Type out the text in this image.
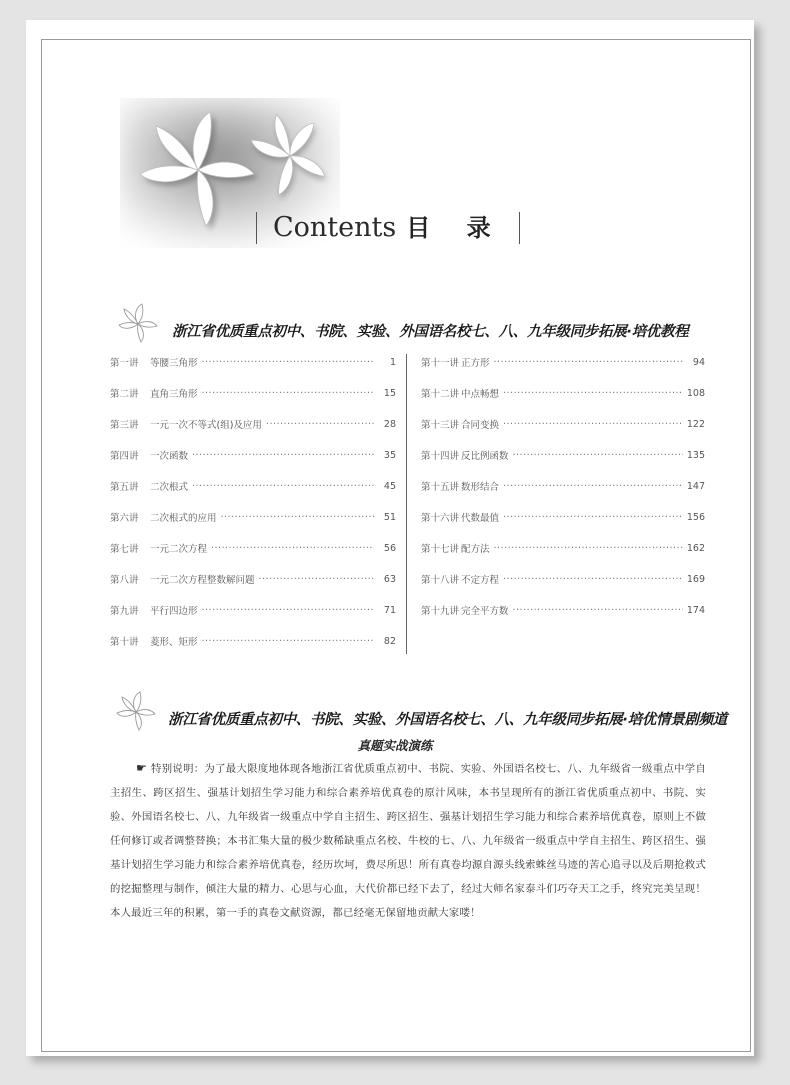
Contents 目 录
浙江省优质重点初中、书院、实验、外国语名校七、八、九年级同步拓展·培优教程
第一讲	等腰三角形 ·····	1
第二讲	直角三角形 ·····	15
第三讲	一元一次不等式(组)及应用 ·····	28
第四讲	一次函数 ·····	35
第五讲	二次根式 ·····	45
第六讲	二次根式的应用 ·····	51
第七讲	一元二次方程 ·····	56
第八讲	一元二次方程整数解问题 ·····	63
第九讲	平行四边形 ·····	71
第十讲	菱形、矩形 ·····	82
第十一讲 正方形 ·····	94
第十二讲 中点畅想 ·····	108
第十三讲 合同变换 ·····	122
第十四讲 反比例函数 ·····	135
第十五讲 数形结合 ·····	147
第十六讲 代数最值 ·····	156
第十七讲 配方法 ·····	162
第十八讲 不定方程 ·····	169
第十九讲 完全平方数 ·····	174
浙江省优质重点初中、书院、实验、外国语名校七、八、九年级同步拓展·培优情景剧频道
真题实战演练
☛ 特别说明：为了最大限度地体现各地浙江省优质重点初中、书院、实验、外国语名校七、八、九年级省一级重点中学自主招生、跨区招生、强基计划招生学习能力和综合素养培优真卷的原汁风味，本书呈现所有的浙江省优质重点初中、书院、实验、外国语名校七、八、九年级省一级重点中学自主招生、跨区招生、强基计划招生学习能力和综合素养培优真卷，原则上不做任何修订或者调整替换；本书汇集大量的极少数稀缺重点名校、牛校的七、八、九年级省一级重点中学自主招生、跨区招生、强基计划招生学习能力和综合素养培优真卷，经历坎坷，费尽所思！所有真卷均源自源头线索蛛丝马迹的苦心追寻以及后期抢救式的挖掘整理与制作，倾注大量的精力、心思与心血，大代价都已经下去了，经过大师名家泰斗们巧夺天工之手，终究完美呈现！本人最近三年的积累，第一手的真卷文献资源，都已经毫无保留地贡献大家喽！
